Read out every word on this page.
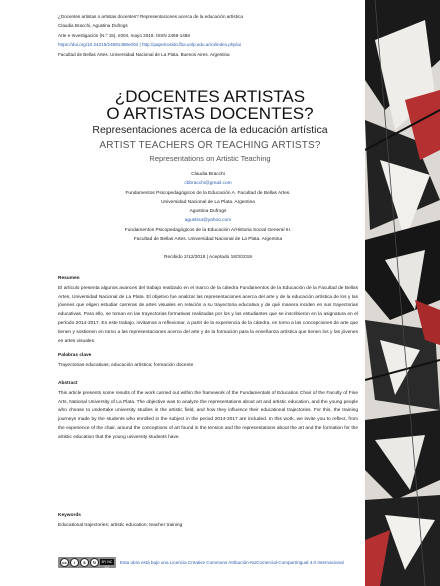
¿Docentes artistas o artistas docentes? Representaciones acerca de la educación artística
Claudia Bracchi, Agustina Dufrogs
Arte e Investigación (N.º 15), e004, mayo 2019. ISSN 2469-1488
https://doi.org/10.24215/24691488e004 | http://papelcosido.fba.unlp.edu.ar/oi/index.php/ai
Facultad de Bellas Artes. Universidad Nacional de La Plata. Buenos Aires. Argentina
¿DOCENTES ARTISTAS
O ARTISTAS DOCENTES?
Representaciones acerca de la educación artística
ARTIST TEACHERS OR TEACHING ARTISTS?
Representations on Artistic Teaching
Claudia Bracchi
cbbracchi@gmail.com
Fundamentos Psicopedagógicos de la Educación A. Facultad de Bellas Artes.
Universidad Nacional de La Plata. Argentina
Agustina Dufrogs
agustina@yahoo.com
Fundamentos Psicopedagógicos de la Educación A/Historia Social General III.
Facultad de Bellas Artes. Universidad Nacional de La Plata. Argentina
Recibido 2/12/2018 | Aceptado 18/3/2019
Resumen
El artículo presenta algunos avances del trabajo realizado en el marco de la cátedra Fundamentos de la Educación de la Facultad de Bellas Artes, Universidad Nacional de La Plata. El objetivo fue analizar las representaciones acerca del arte y de la educación artística de los y las jóvenes que eligen estudiar carreras de artes visuales en relación a su trayectoria educativa y de qué manera inciden en sus trayectorias educativas. Para ello, se toman en las trayectorias formativas realizadas por los y las estudiantes que se inscribieron en la asignatura en el período 2014-2017. En este trabajo, invitamos a reflexionar, a partir de la experiencia de la cátedra, en torno a las concepciones de arte que tienen y sostienen en torno a las representaciones acerca del arte y de la formación para la enseñanza artística que tienen los y las jóvenes en artes visuales.
Palabras clave
Trayectorias educativas; educación artística; formación docente
Abstract
This article presents some results of the work carried out within the framework of the Fundamentals of Education Chair of the Faculty of Fine Arts, National University of La Plata. The objective was to analyze the representations about art and artistic education, and the young people who choose to undertake university studies in the artistic field, and how they influence their educational trajectories. For this, the training journeys made by the students who enrolled in the subject in the period 2014-2017 are included. In this work, we invite you to reflect, from the experience of the chair, around the conceptions of art found in the tension and the representations about the art and the formation for the artistic education that the young university students have.
Keywords
Educational trajectories; artistic education; teacher training
cc	i	$	↻	BY NC SA
Esta obra está bajo una Licencia Creative Commons Atribución-NoComercial-CompartirIgual 4.0 Internacional
